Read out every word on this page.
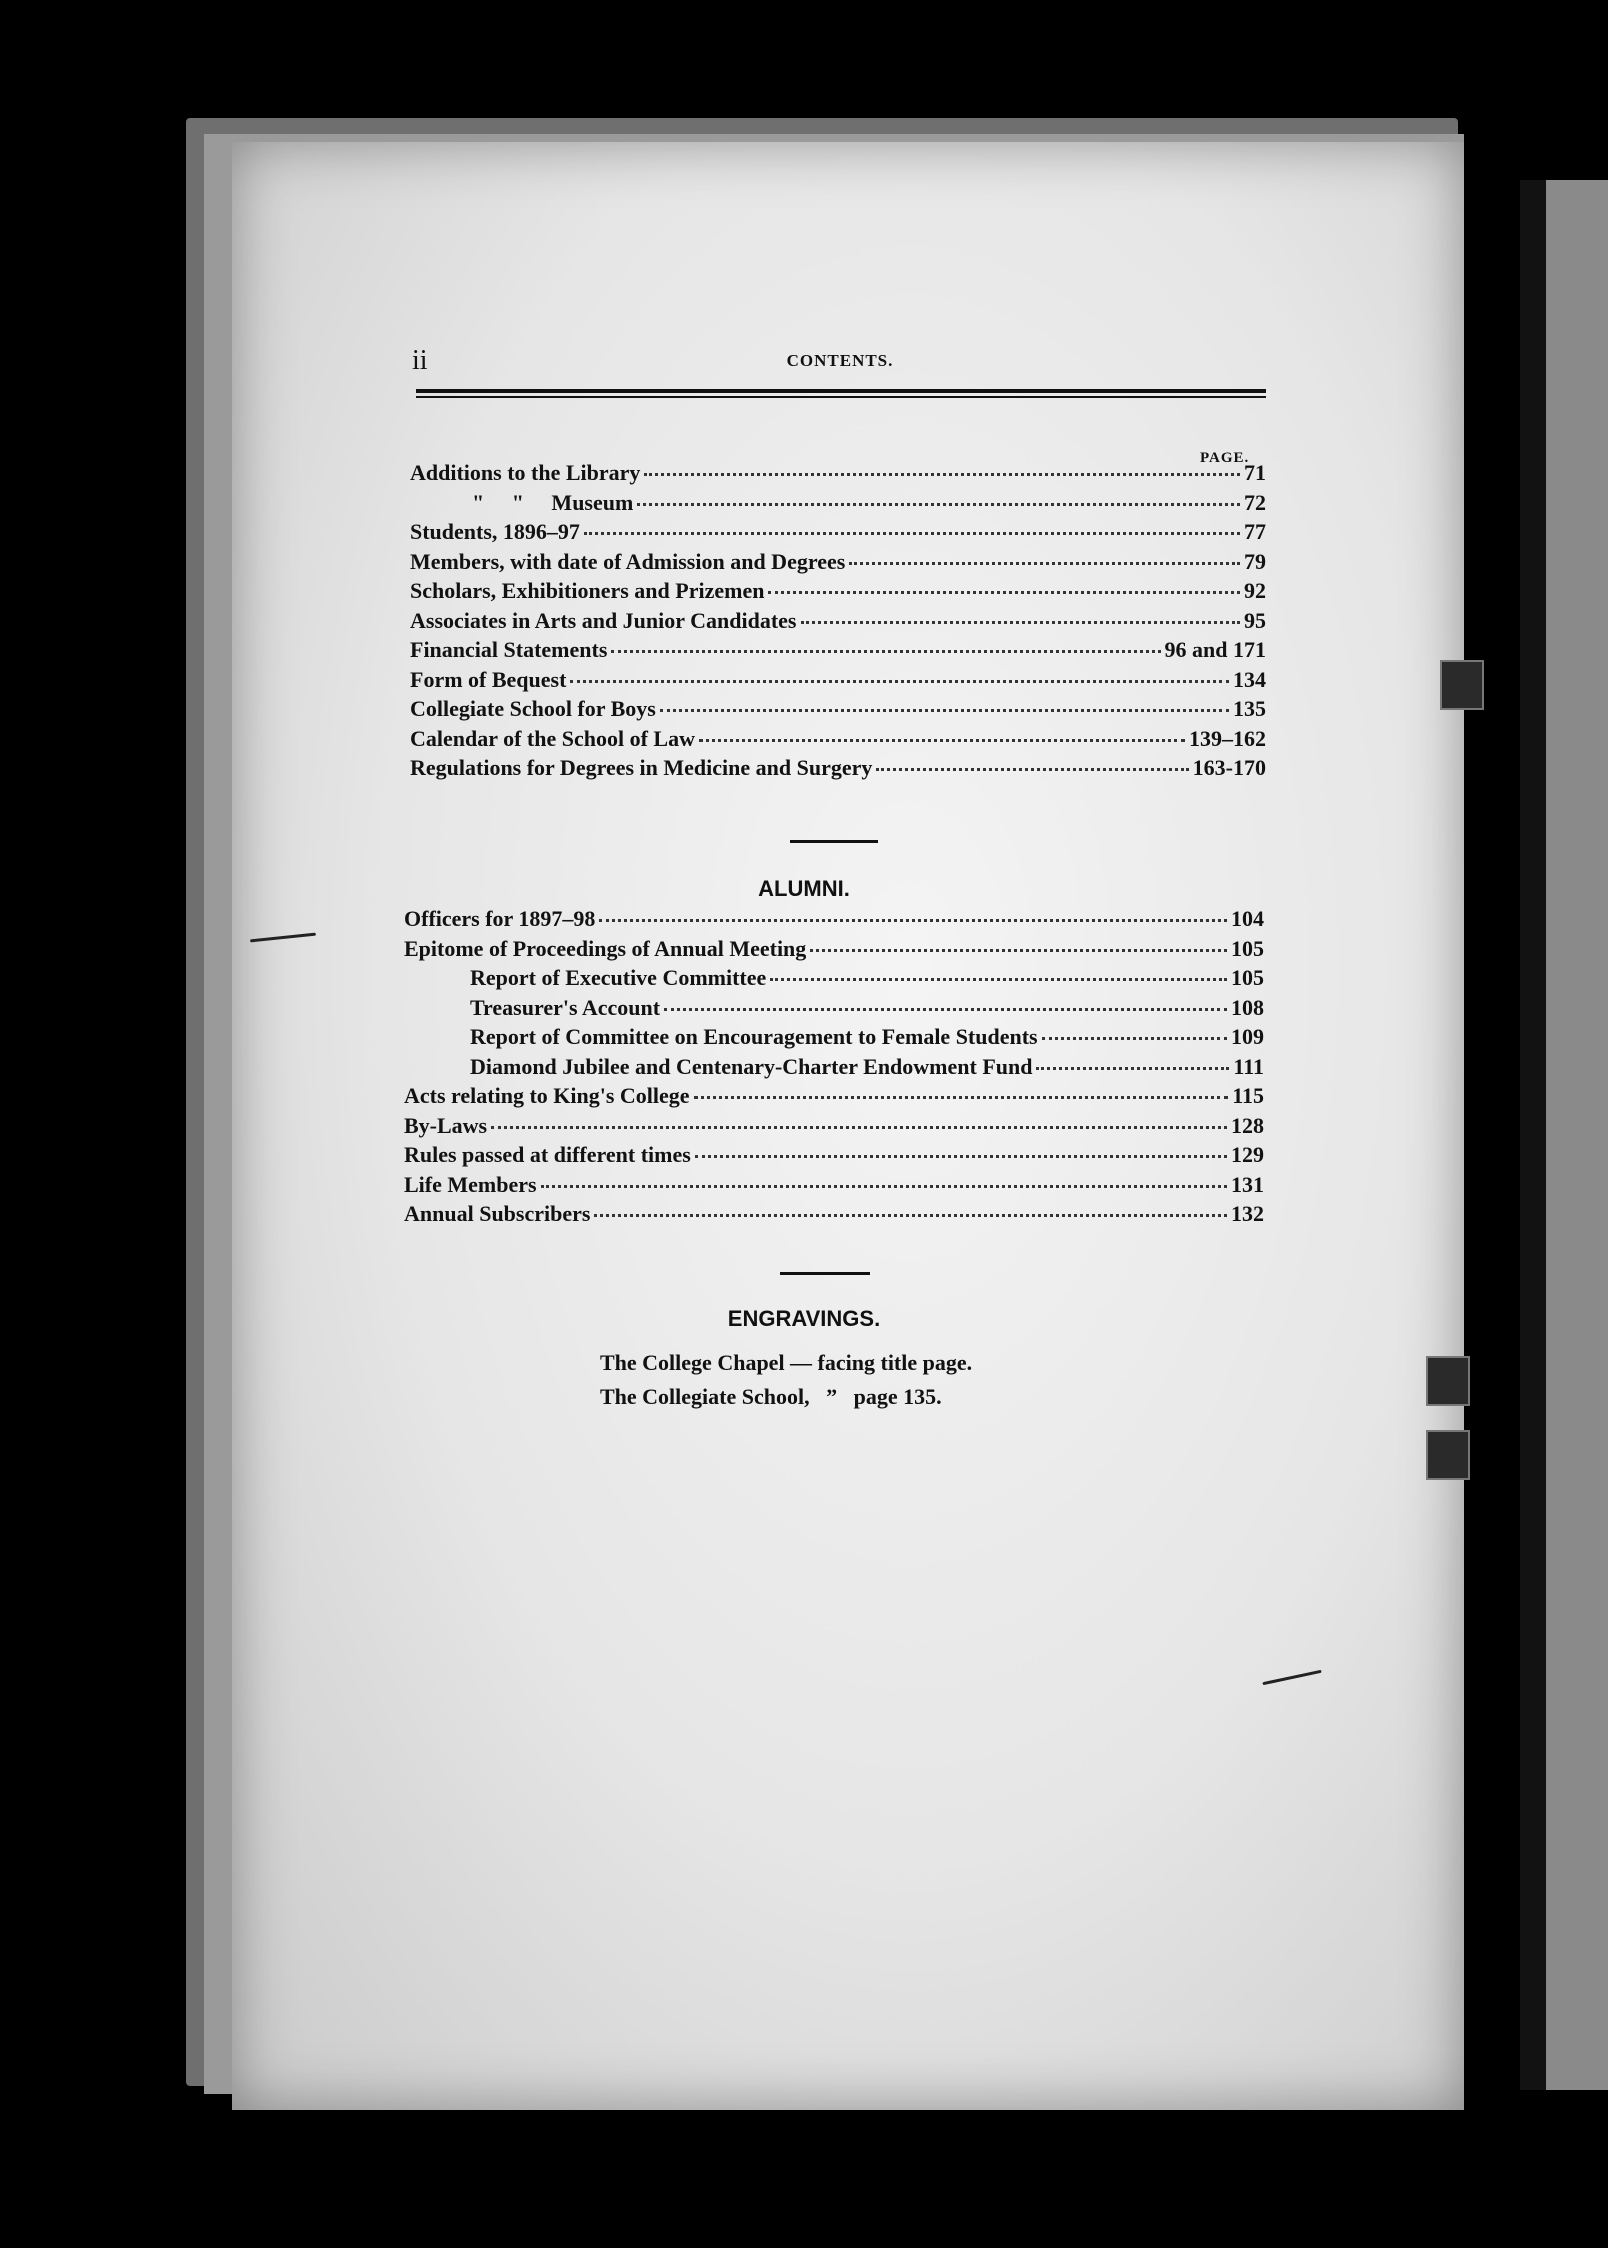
ii	CONTENTS.
PAGE.
Additions to the Library	71
"     "     Museum	72
Students, 1896–97	77
Members, with date of Admission and Degrees	79
Scholars, Exhibitioners and Prizemen	92
Associates in Arts and Junior Candidates	95
Financial Statements	96 and 171
Form of Bequest	134
Collegiate School for Boys	135
Calendar of the School of Law	139–162
Regulations for Degrees in Medicine and Surgery	163-170
ALUMNI.
Officers for 1897–98	104
Epitome of Proceedings of Annual Meeting	105
Report of Executive Committee	105
Treasurer's Account	108
Report of Committee on Encouragement to Female Students	109
Diamond Jubilee and Centenary-Charter Endowment Fund	111
Acts relating to King's College	115
By-Laws	128
Rules passed at different times	129
Life Members	131
Annual Subscribers	132
ENGRAVINGS.
The College Chapel — facing title page.
The Collegiate School,   ”   page 135.
